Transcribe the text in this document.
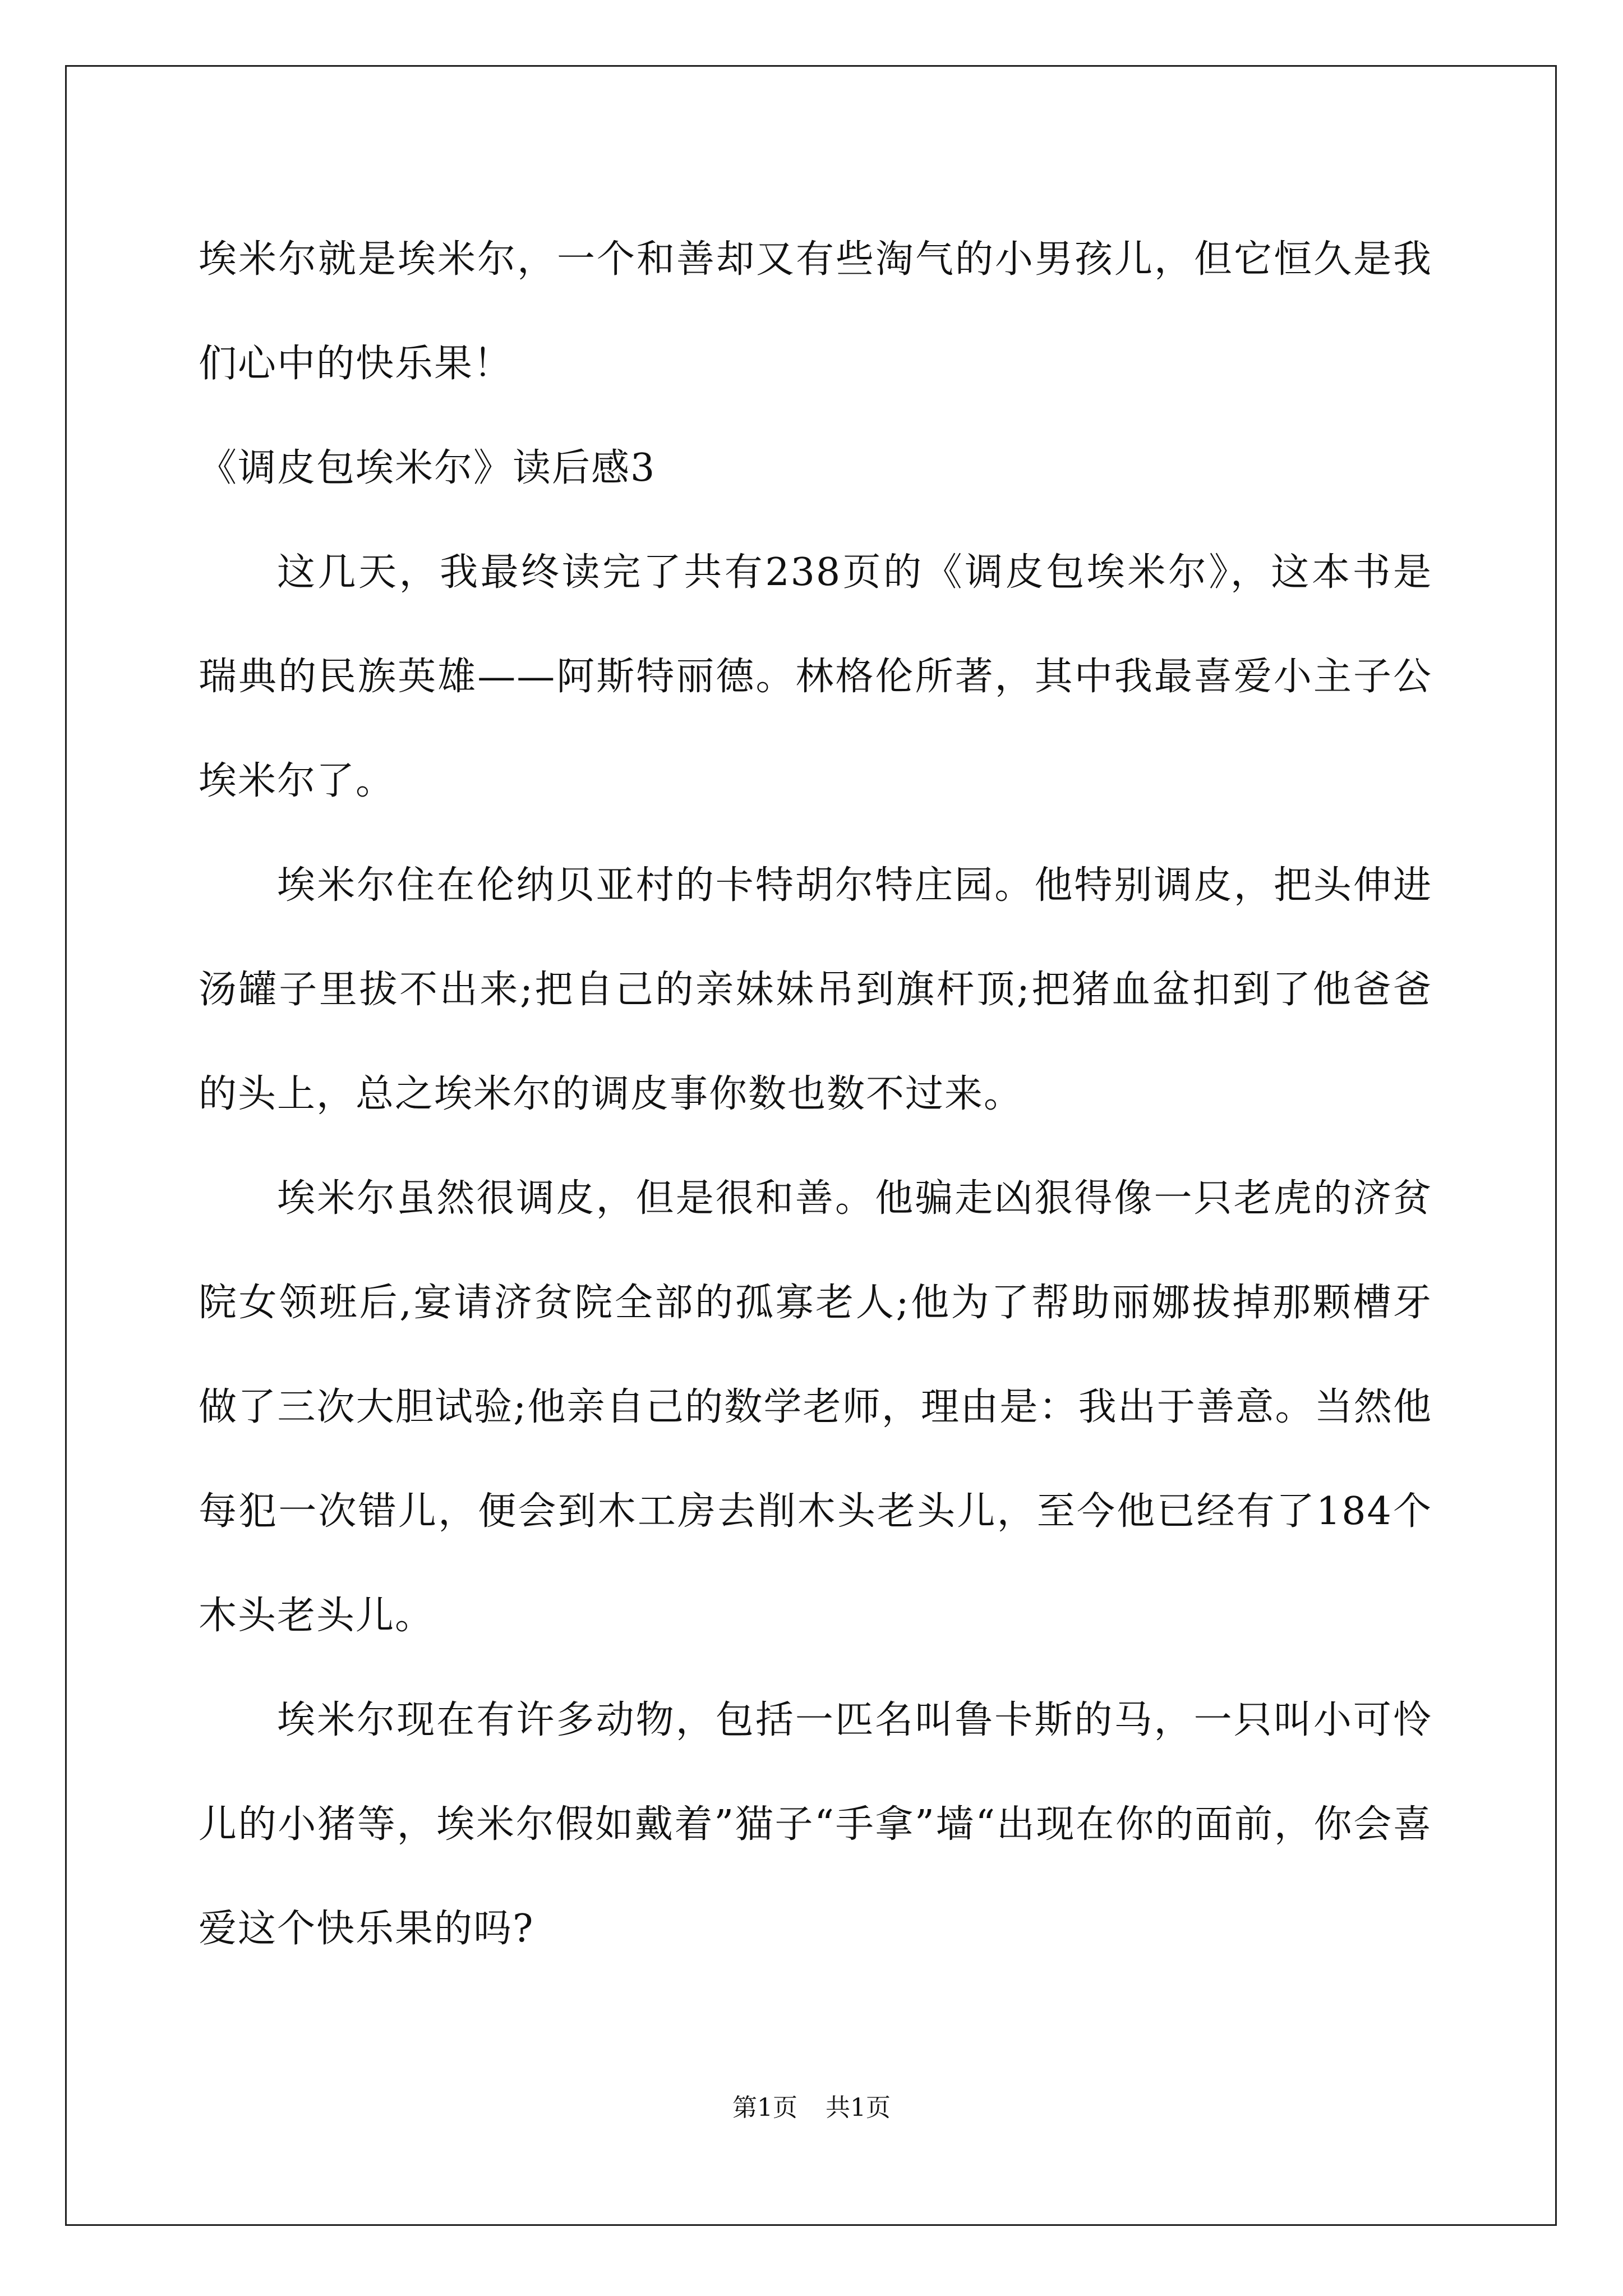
埃米尔就是埃米尔，一个和善却又有些淘气的小男孩儿，但它恒久是我们心中的快乐果！

《调皮包埃米尔》读后感3

这几天，我最终读完了共有238页的《调皮包埃米尔》，这本书是瑞典的民族英雄——阿斯特丽德。林格伦所著，其中我最喜爱小主子公埃米尔了。

埃米尔住在伦纳贝亚村的卡特胡尔特庄园。他特别调皮，把头伸进汤罐子里拔不出来;把自己的亲妹妹吊到旗杆顶;把猪血盆扣到了他爸爸的头上，总之埃米尔的调皮事你数也数不过来。

埃米尔虽然很调皮，但是很和善。他骗走凶狠得像一只老虎的济贫院女领班后,宴请济贫院全部的孤寡老人;他为了帮助丽娜拔掉那颗槽牙做了三次大胆试验;他亲自己的数学老师，理由是：我出于善意。当然他每犯一次错儿，便会到木工房去削木头老头儿，至今他已经有了184个木头老头儿。

埃米尔现在有许多动物，包括一匹名叫鲁卡斯的马，一只叫小可怜儿的小猪等，埃米尔假如戴着”猫子“手拿”墙“出现在你的面前，你会喜爱这个快乐果的吗?

第1页 共1页
